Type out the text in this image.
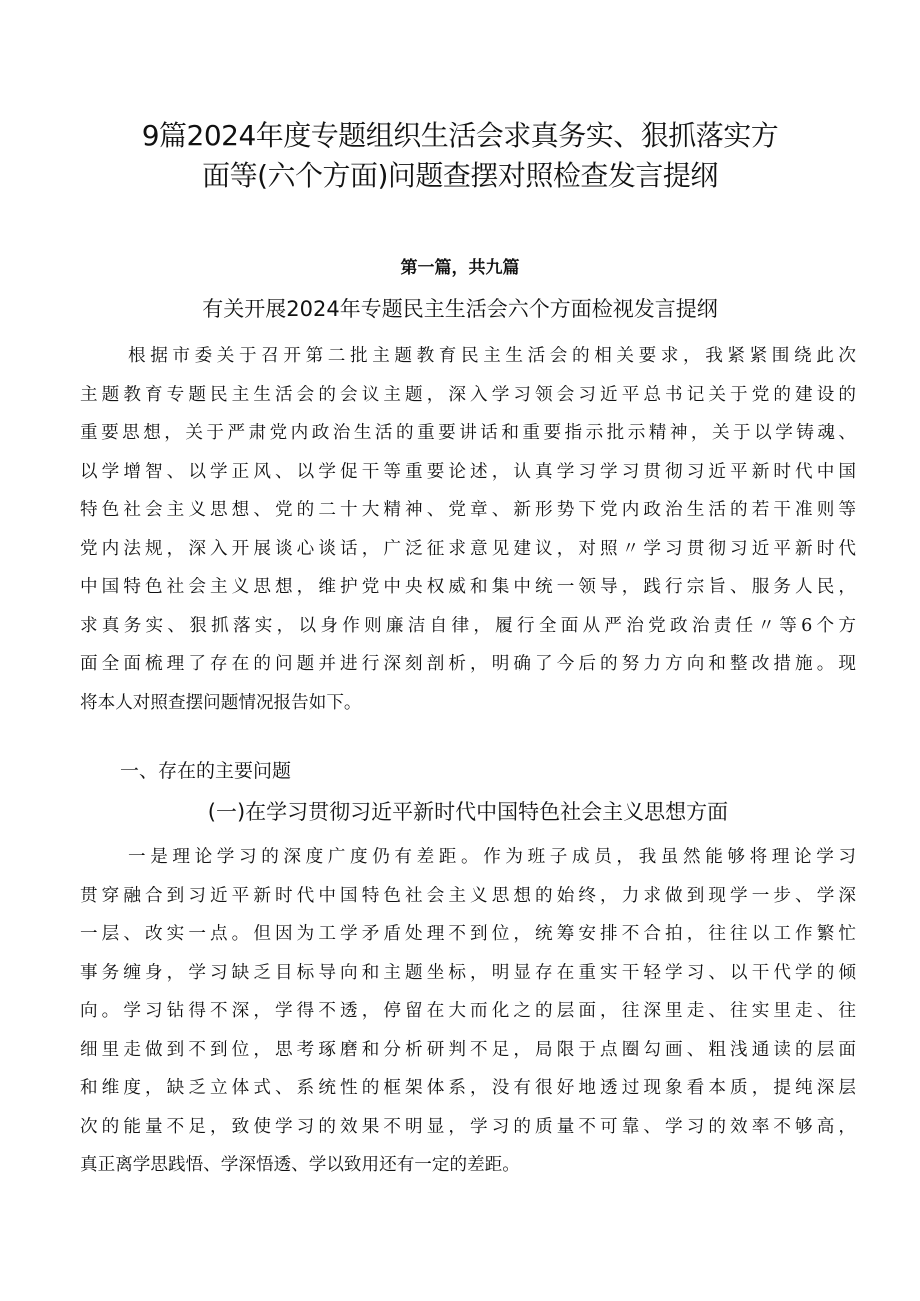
9篇2024年度专题组织生活会求真务实、狠抓落实方
面等(六个方面)问题查摆对照检查发言提纲
第一篇，共九篇
有关开展2024年专题民主生活会六个方面检视发言提纲
根据市委关于召开第二批主题教育民主生活会的相关要求，我紧紧围绕此次
主题教育专题民主生活会的会议主题，深入学习领会习近平总书记关于党的建设的
重要思想，关于严肃党内政治生活的重要讲话和重要指示批示精神，关于以学铸魂、
以学增智、以学正风、以学促干等重要论述，认真学习学习贯彻习近平新时代中国
特色社会主义思想、党的二十大精神、党章、新形势下党内政治生活的若干准则等
党内法规，深入开展谈心谈话，广泛征求意见建议，对照〃学习贯彻习近平新时代
中国特色社会主义思想，维护党中央权威和集中统一领导，践行宗旨、服务人民，
求真务实、狠抓落实，以身作则廉洁自律，履行全面从严治党政治责任〃等6个方
面全面梳理了存在的问题并进行深刻剖析，明确了今后的努力方向和整改措施。现
将本人对照查摆问题情况报告如下。
一、存在的主要问题
(一)在学习贯彻习近平新时代中国特色社会主义思想方面
一是理论学习的深度广度仍有差距。作为班子成员，我虽然能够将理论学习
贯穿融合到习近平新时代中国特色社会主义思想的始终，力求做到现学一步、学深
一层、改实一点。但因为工学矛盾处理不到位，统筹安排不合拍，往往以工作繁忙
事务缠身，学习缺乏目标导向和主题坐标，明显存在重实干轻学习、以干代学的倾
向。学习钻得不深，学得不透，停留在大而化之的层面，往深里走、往实里走、往
细里走做到不到位，思考琢磨和分析研判不足，局限于点圈勾画、粗浅通读的层面
和维度，缺乏立体式、系统性的框架体系，没有很好地透过现象看本质，提纯深层
次的能量不足，致使学习的效果不明显，学习的质量不可靠、学习的效率不够高，
真正离学思践悟、学深悟透、学以致用还有一定的差距。
